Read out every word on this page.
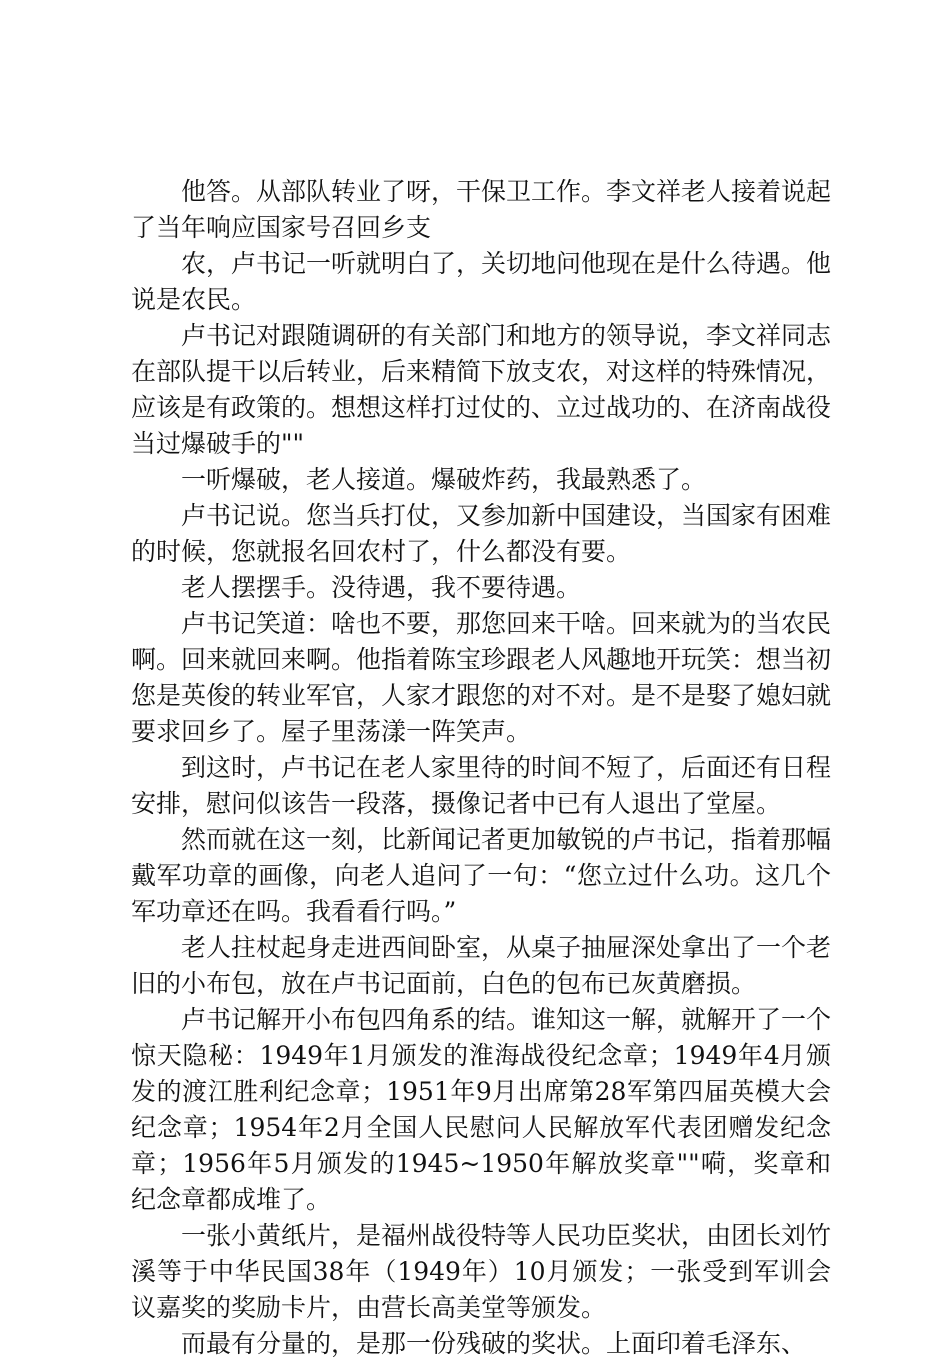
他答。从部队转业了呀，干保卫工作。李文祥老人接着说起了当年响应国家号召回乡支

农，卢书记一听就明白了，关切地问他现在是什么待遇。他说是农民。

卢书记对跟随调研的有关部门和地方的领导说，李文祥同志在部队提干以后转业，后来精简下放支农，对这样的特殊情况，应该是有政策的。想想这样打过仗的、立过战功的、在济南战役当过爆破手的""

一听爆破，老人接道。爆破炸药，我最熟悉了。

卢书记说。您当兵打仗，又参加新中国建设，当国家有困难的时候，您就报名回农村了，什么都没有要。

老人摆摆手。没待遇，我不要待遇。

卢书记笑道：啥也不要，那您回来干啥。回来就为的当农民啊。回来就回来啊。他指着陈宝珍跟老人风趣地开玩笑：想当初您是英俊的转业军官，人家才跟您的对不对。是不是娶了媳妇就要求回乡了。屋子里荡漾一阵笑声。

到这时，卢书记在老人家里待的时间不短了，后面还有日程安排，慰问似该告一段落，摄像记者中已有人退出了堂屋。

然而就在这一刻，比新闻记者更加敏锐的卢书记，指着那幅戴军功章的画像，向老人追问了一句：“您立过什么功。这几个军功章还在吗。我看看行吗。”

老人拄杖起身走进西间卧室，从桌子抽屉深处拿出了一个老旧的小布包，放在卢书记面前，白色的包布已灰黄磨损。

卢书记解开小布包四角系的结。谁知这一解，就解开了一个惊天隐秘：1949年1月颁发的淮海战役纪念章；1949年4月颁发的渡江胜利纪念章；1951年9月出席第28军第四届英模大会纪念章；1954年2月全国人民慰问人民解放军代表团赠发纪念章；1956年5月颁发的1945~1950年解放奖章""嗬，奖章和纪念章都成堆了。

一张小黄纸片，是福州战役特等人民功臣奖状，由团长刘竹溪等于中华民国38年（1949年）10月颁发；一张受到军训会议嘉奖的奖励卡片，由营长高美堂等颁发。

而最有分量的，是那一份残破的奖状。上面印着毛泽东、
